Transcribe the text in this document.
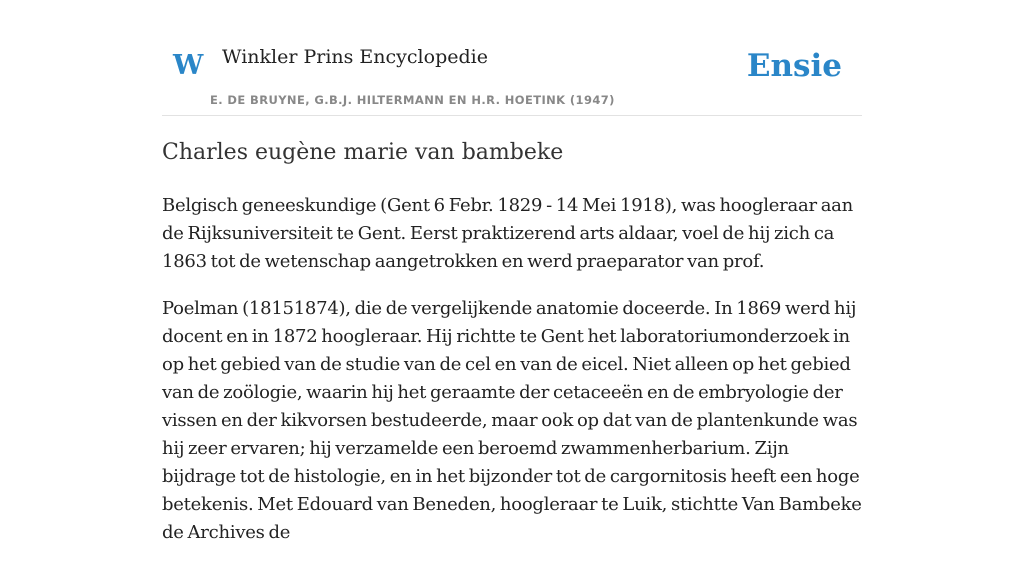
W Winkler Prins Encyclopedie
E. DE BRUYNE, G.B.J. HILTERMANN EN H.R. HOETINK (1947)
Ensie
Charles eugène marie van bambeke

Belgisch geneeskundige (Gent 6 Febr. 1829 - 14 Mei 1918), was hoogleraar aan de Rijksuniversiteit te Gent. Eerst praktizerend arts aldaar, voel de hij zich ca 1863 tot de wetenschap aangetrokken en werd praeparator van prof.

Poelman (18151874), die de vergelijkende anatomie doceerde. In 1869 werd hij docent en in 1872 hoogleraar. Hij richtte te Gent het laboratoriumonderzoek in op het gebied van de studie van de cel en van de eicel. Niet alleen op het gebied van de zoölogie, waarin hij het geraamte der cetaceeën en de embryologie der vissen en der kikvorsen bestudeerde, maar ook op dat van de plantenkunde was hij zeer ervaren; hij verzamelde een beroemd zwammenherbarium. Zijn bijdrage tot de histologie, en in het bijzonder tot de cargornitosis heeft een hoge betekenis. Met Edouard van Beneden, hoogleraar te Luik, stichtte Van Bambeke de Archives de
